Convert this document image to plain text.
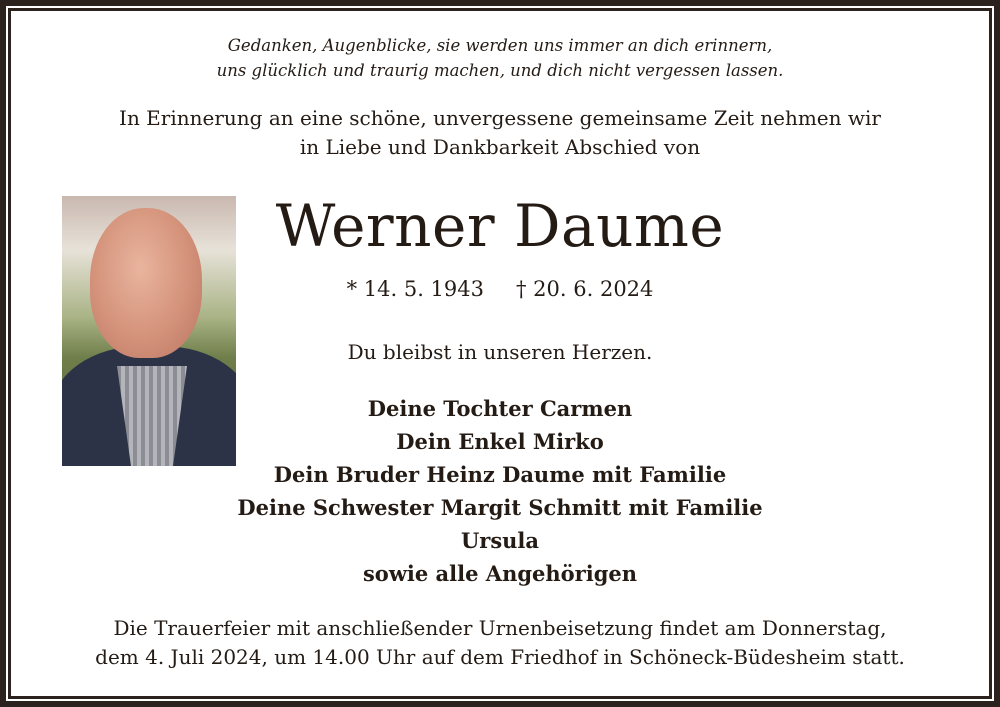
Gedanken, Augenblicke, sie werden uns immer an dich erinnern,
uns glücklich und traurig machen, und dich nicht vergessen lassen.
In Erinnerung an eine schöne, unvergessene gemeinsame Zeit nehmen wir
in Liebe und Dankbarkeit Abschied von
Werner Daume
* 14. 5. 1943 † 20. 6. 2024
Du bleibst in unseren Herzen.
Deine Tochter Carmen
Dein Enkel Mirko
Dein Bruder Heinz Daume mit Familie
Deine Schwester Margit Schmitt mit Familie
Ursula
sowie alle Angehörigen
Die Trauerfeier mit anschließender Urnenbeisetzung findet am Donnerstag,
dem 4. Juli 2024, um 14.00 Uhr auf dem Friedhof in Schöneck-Büdesheim statt.
